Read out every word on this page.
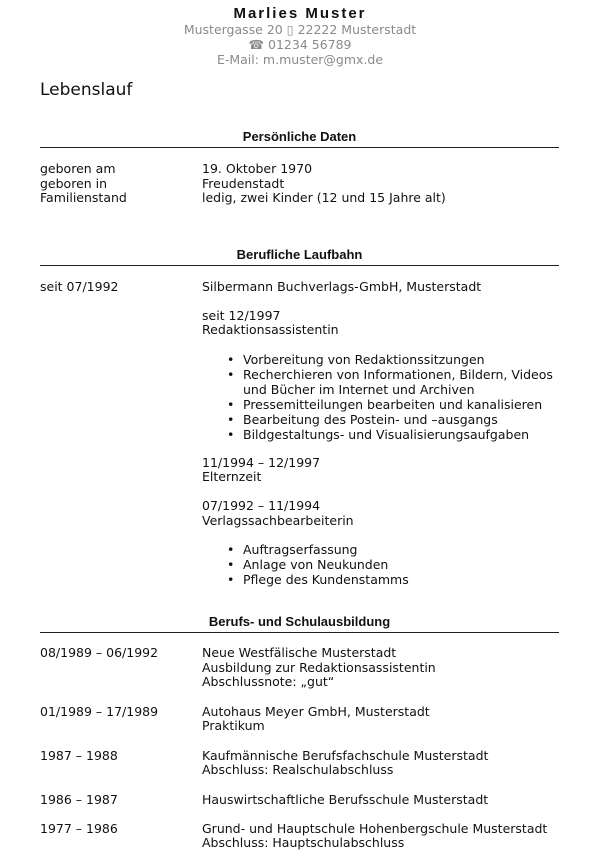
Marlies Muster
Mustergasse 20 ▯ 22222 Musterstadt
☎ 01234 56789
E-Mail: m.muster@gmx.de
Lebenslauf
Persönliche Daten
geboren am	19. Oktober 1970
geboren in	Freudenstadt
Familienstand	ledig, zwei Kinder (12 und 15 Jahre alt)
Berufliche Laufbahn
seit 07/1992	Silbermann Buchverlags-GmbH, Musterstadt
seit 12/1997
Redaktionsassistentin
• Vorbereitung von Redaktionssitzungen
• Recherchieren von Informationen, Bildern, Videos und Bücher im Internet und Archiven
• Pressemitteilungen bearbeiten und kanalisieren
• Bearbeitung des Postein- und –ausgangs
• Bildgestaltungs- und Visualisierungsaufgaben
11/1994 – 12/1997
Elternzeit
07/1992 – 11/1994
Verlagssachbearbeiterin
• Auftragserfassung
• Anlage von Neukunden
• Pflege des Kundenstamms
Berufs- und Schulausbildung
08/1989 – 06/1992	Neue Westfälische Musterstadt
Ausbildung zur Redaktionsassistentin
Abschlussnote: „gut“
01/1989 – 17/1989	Autohaus Meyer GmbH, Musterstadt
Praktikum
1987 – 1988	Kaufmännische Berufsfachschule Musterstadt
Abschluss: Realschulabschluss
1986 – 1987	Hauswirtschaftliche Berufsschule Musterstadt
1977 – 1986	Grund- und Hauptschule Hohenbergschule Musterstadt
Abschluss: Hauptschulabschluss
